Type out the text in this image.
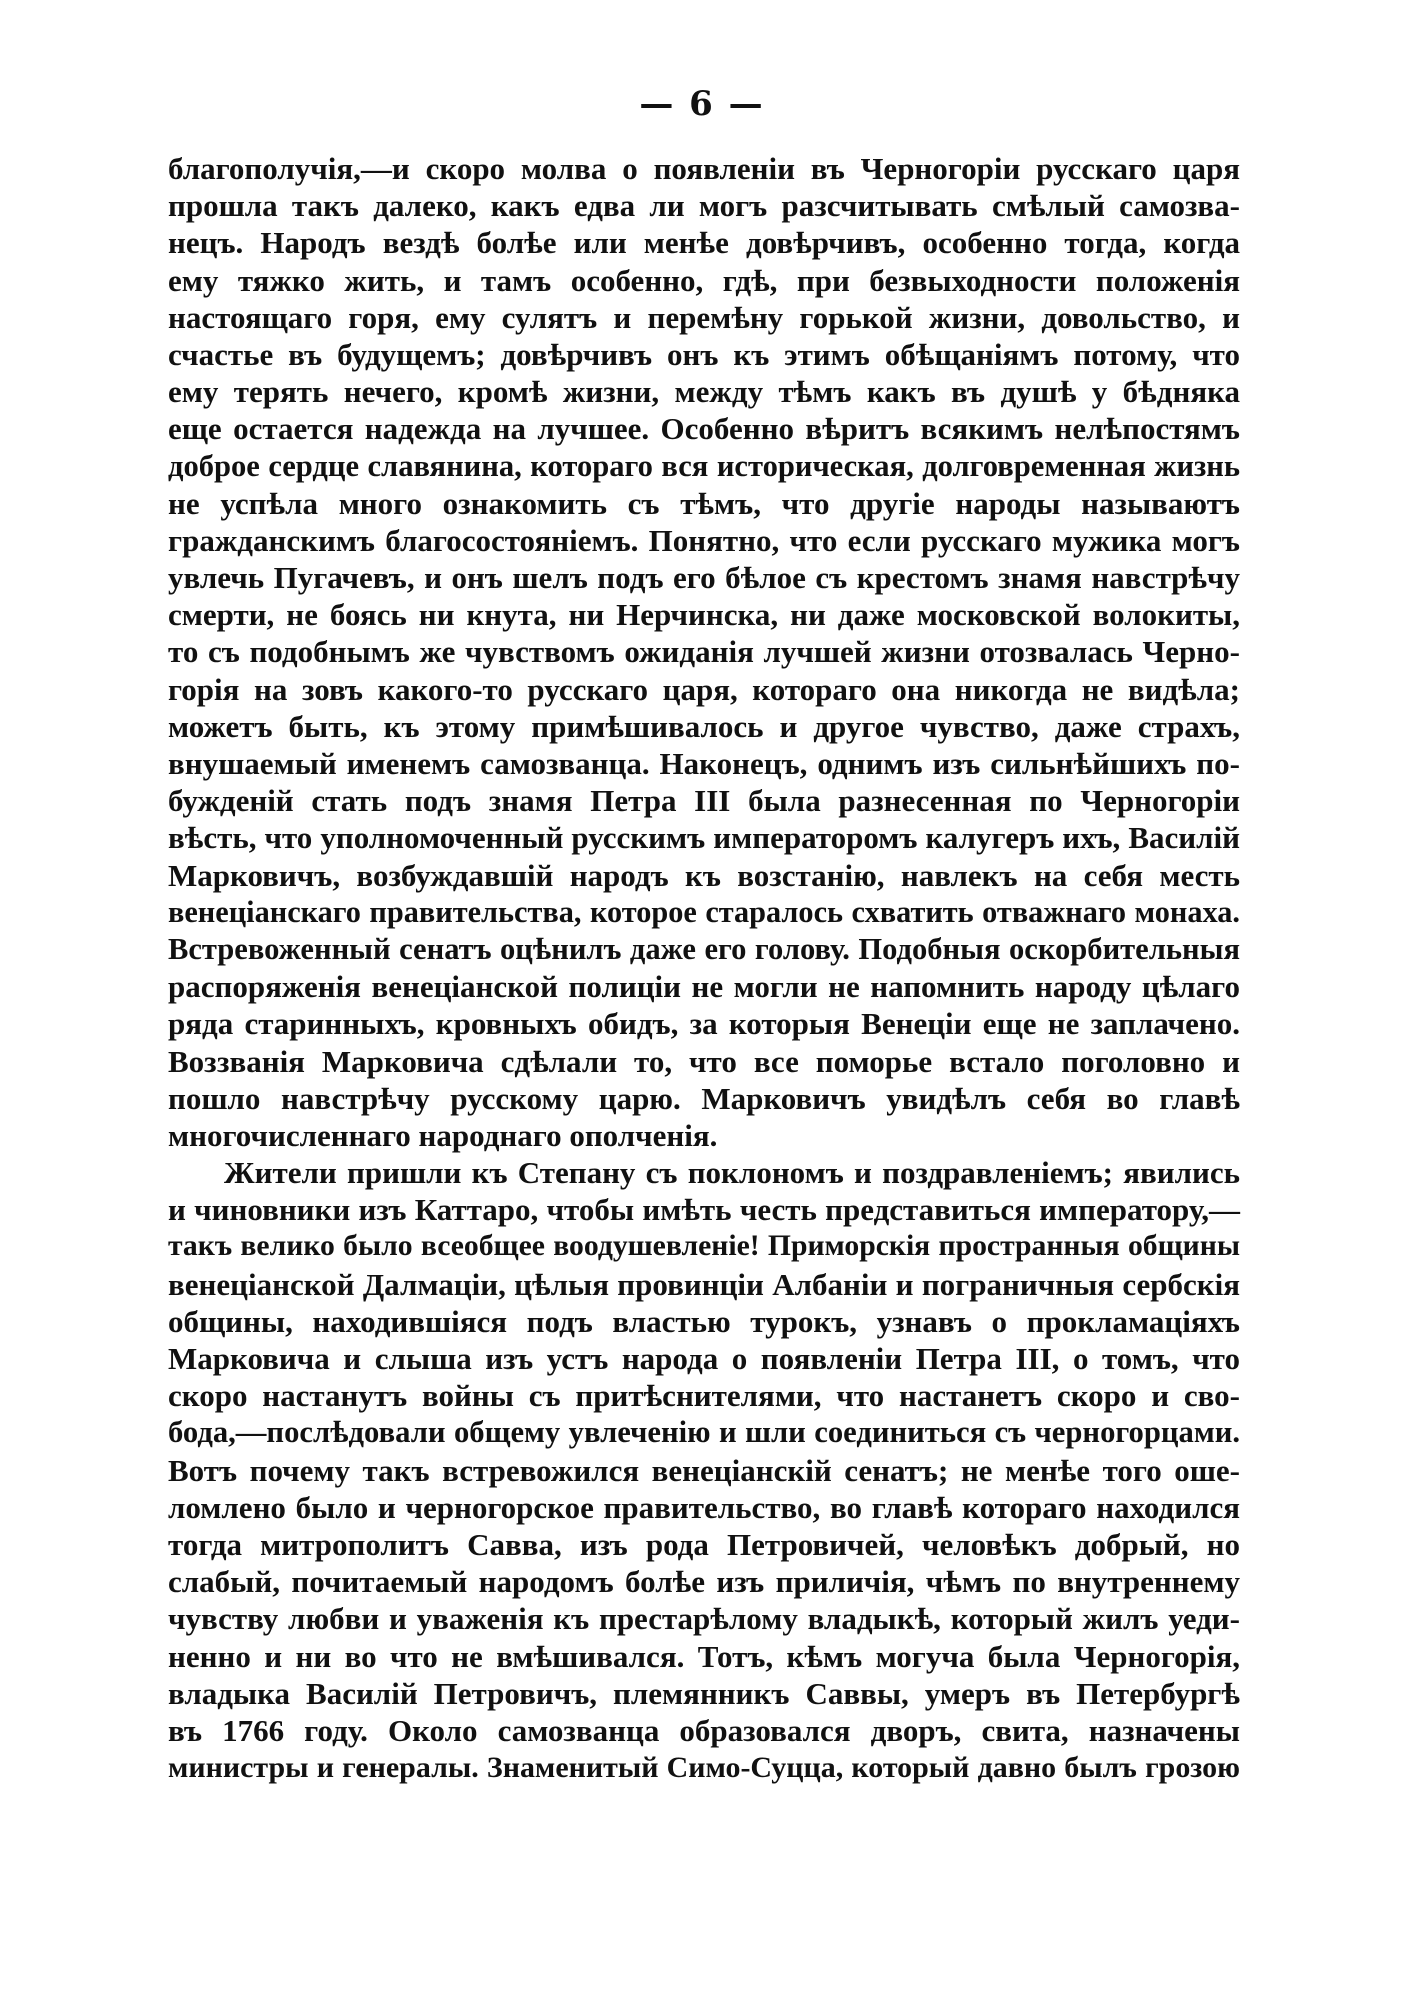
— 6 —
благополучія,—и скоро молва о появленіи въ Черногоріи русскаго царя
прошла такъ далеко, какъ едва ли могъ разсчитывать смѣлый самозва-
нецъ. Народъ вездѣ болѣе или менѣе довѣрчивъ, особенно тогда, когда
ему тяжко жить, и тамъ особенно, гдѣ, при безвыходности положенія
настоящаго горя, ему сулятъ и перемѣну горькой жизни, довольство, и
счастье въ будущемъ; довѣрчивъ онъ къ этимъ обѣщаніямъ потому, что
ему терять нечего, кромѣ жизни, между тѣмъ какъ въ душѣ у бѣдняка
еще остается надежда на лучшее. Особенно вѣритъ всякимъ нелѣпостямъ
доброе сердце славянина, котораго вся историческая, долговременная жизнь
не успѣла много ознакомить съ тѣмъ, что другіе народы называютъ
гражданскимъ благосостояніемъ. Понятно, что если русскаго мужика могъ
увлечь Пугачевъ, и онъ шелъ подъ его бѣлое съ крестомъ знамя навстрѣчу
смерти, не боясь ни кнута, ни Нерчинска, ни даже московской волокиты,
то съ подобнымъ же чувствомъ ожиданія лучшей жизни отозвалась Черно-
горія на зовъ какого-то русскаго царя, котораго она никогда не видѣла;
можетъ быть, къ этому примѣшивалось и другое чувство, даже страхъ,
внушаемый именемъ самозванца. Наконецъ, однимъ изъ сильнѣйшихъ по-
бужденій стать подъ знамя Петра III была разнесенная по Черногоріи
вѣсть, что уполномоченный русскимъ императоромъ калугеръ ихъ, Василій
Марковичъ, возбуждавшій народъ къ возстанію, навлекъ на себя месть
венеціанскаго правительства, которое старалось схватить отважнаго монаха.
Встревоженный сенатъ оцѣнилъ даже его голову. Подобныя оскорбительныя
распоряженія венеціанской полиціи не могли не напомнить народу цѣлаго
ряда старинныхъ, кровныхъ обидъ, за которыя Венеціи еще не заплачено.
Воззванія Марковича сдѣлали то, что все поморье встало поголовно и
пошло навстрѣчу русскому царю. Марковичъ увидѣлъ себя во главѣ
многочисленнаго народнаго ополченія.
Жители пришли къ Степану съ поклономъ и поздравленіемъ; явились
и чиновники изъ Каттаро, чтобы имѣть честь представиться императору,—
такъ велико было всеобщее воодушевленіе! Приморскія пространныя общины
венеціанской Далмаціи, цѣлыя провинціи Албаніи и пограничныя сербскія
общины, находившіяся подъ властью турокъ, узнавъ о прокламаціяхъ
Марковича и слыша изъ устъ народа о появленіи Петра III, о томъ, что
скоро настанутъ войны съ притѣснителями, что настанетъ скоро и сво-
бода,—послѣдовали общему увлеченію и шли соединиться съ черногорцами.
Вотъ почему такъ встревожился венеціанскій сенатъ; не менѣе того оше-
ломлено было и черногорское правительство, во главѣ котораго находился
тогда митрополитъ Савва, изъ рода Петровичей, человѣкъ добрый, но
слабый, почитаемый народомъ болѣе изъ приличія, чѣмъ по внутреннему
чувству любви и уваженія къ престарѣлому владыкѣ, который жилъ уеди-
ненно и ни во что не вмѣшивался. Тотъ, кѣмъ могуча была Черногорія,
владыка Василій Петровичъ, племянникъ Саввы, умеръ въ Петербургѣ
въ 1766 году. Около самозванца образовался дворъ, свита, назначены
министры и генералы. Знаменитый Симо-Суцца, который давно былъ грозою
